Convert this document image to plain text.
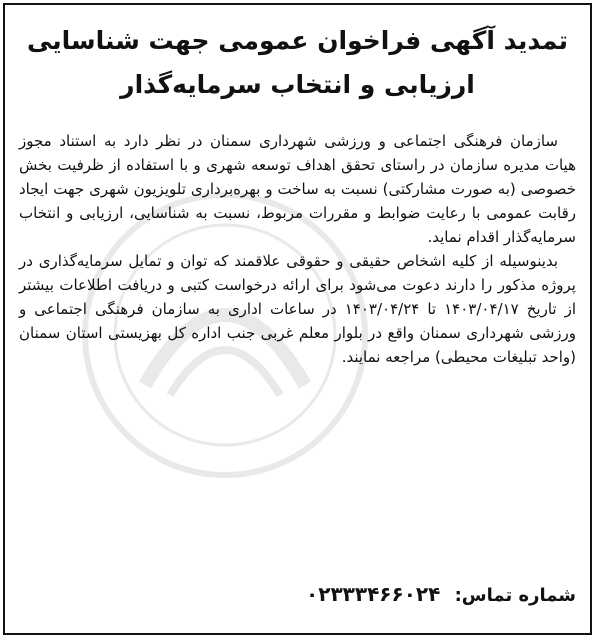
تمدید آگهی فراخوان عمومی جهت شناسایی ارزیابی و انتخاب سرمایه‌گذار

سازمان فرهنگی اجتماعی و ورزشی شهرداری سمنان در نظر دارد به استناد مجوز هیات مدیره سازمان در راستای تحقق اهداف توسعه شهری و با استفاده از ظرفیت بخش خصوصی (به صورت مشارکتی) نسبت به ساخت و بهره‌برداری تلویزیون شهری جهت ایجاد رقابت عمومی با رعایت ضوابط و مقررات مربوط، نسبت به شناسایی، ارزیابی و انتخاب سرمایه‌گذار اقدام نماید.

بدینوسیله از کلیه اشخاص حقیقی و حقوقی علاقمند که توان و تمایل سرمایه‌گذاری در پروژه مذکور را دارند دعوت می‌شود برای ارائه درخواست کتبی و دریافت اطلاعات بیشتر از تاریخ ۱۴۰۳/۰۴/۱۷ تا ۱۴۰۳/۰۴/۲۴ در ساعات اداری به سازمان فرهنگی اجتماعی و ورزشی شهرداری سمنان واقع در بلوار معلم غربی جنب اداره کل بهزیستی استان سمنان (واحد تبلیغات محیطی) مراجعه نمایند.

شماره تماس: ۰۲۳۳۳۴۶۶۰۲۴
